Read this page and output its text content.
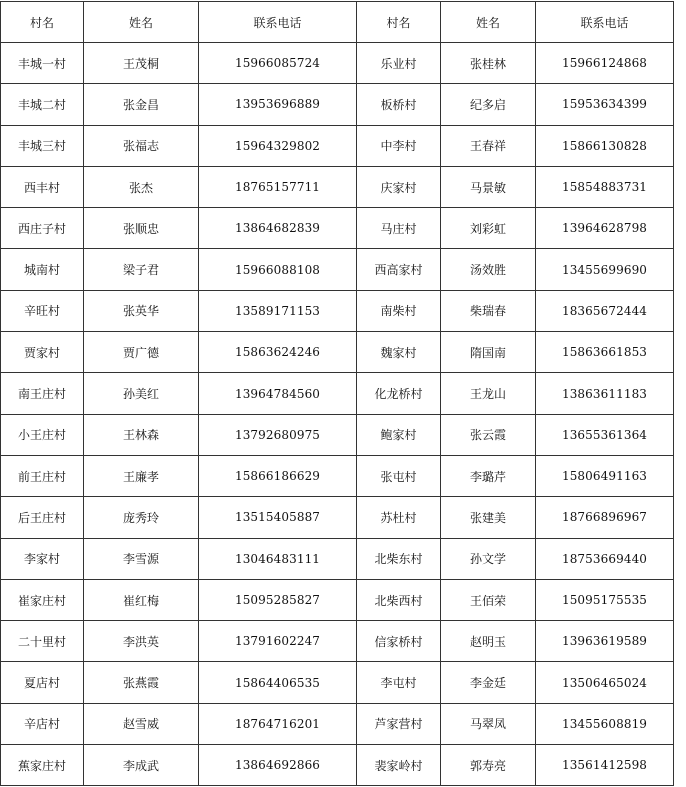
村名	姓名	联系电话	村名	姓名	联系电话
丰城一村	王茂桐	15966085724	乐业村	张桂林	15966124868
丰城二村	张金昌	13953696889	板桥村	纪多启	15953634399
丰城三村	张福志	15964329802	中李村	王春祥	15866130828
西丰村	张杰	18765157711	庆家村	马景敏	15854883731
西庄子村	张顺忠	13864682839	马庄村	刘彩虹	13964628798
城南村	梁子君	15966088108	西高家村	汤效胜	13455699690
辛旺村	张英华	13589171153	南柴村	柴瑞春	18365672444
贾家村	贾广德	15863624246	魏家村	隋国南	15863661853
南王庄村	孙美红	13964784560	化龙桥村	王龙山	13863611183
小王庄村	王林森	13792680975	鲍家村	张云霞	13655361364
前王庄村	王廉孝	15866186629	张屯村	李璐芹	15806491163
后王庄村	庞秀玲	13515405887	苏杜村	张建美	18766896967
李家村	李雪源	13046483111	北柴东村	孙文学	18753669440
崔家庄村	崔红梅	15095285827	北柴西村	王佰荣	15095175535
二十里村	李洪英	13791602247	信家桥村	赵明玉	13963619589
夏店村	张燕霞	15864406535	李屯村	李金廷	13506465024
辛店村	赵雪威	18764716201	芦家营村	马翠凤	13455608819
蕉家庄村	李成武	13864692866	裴家岭村	郭寿亮	13561412598
